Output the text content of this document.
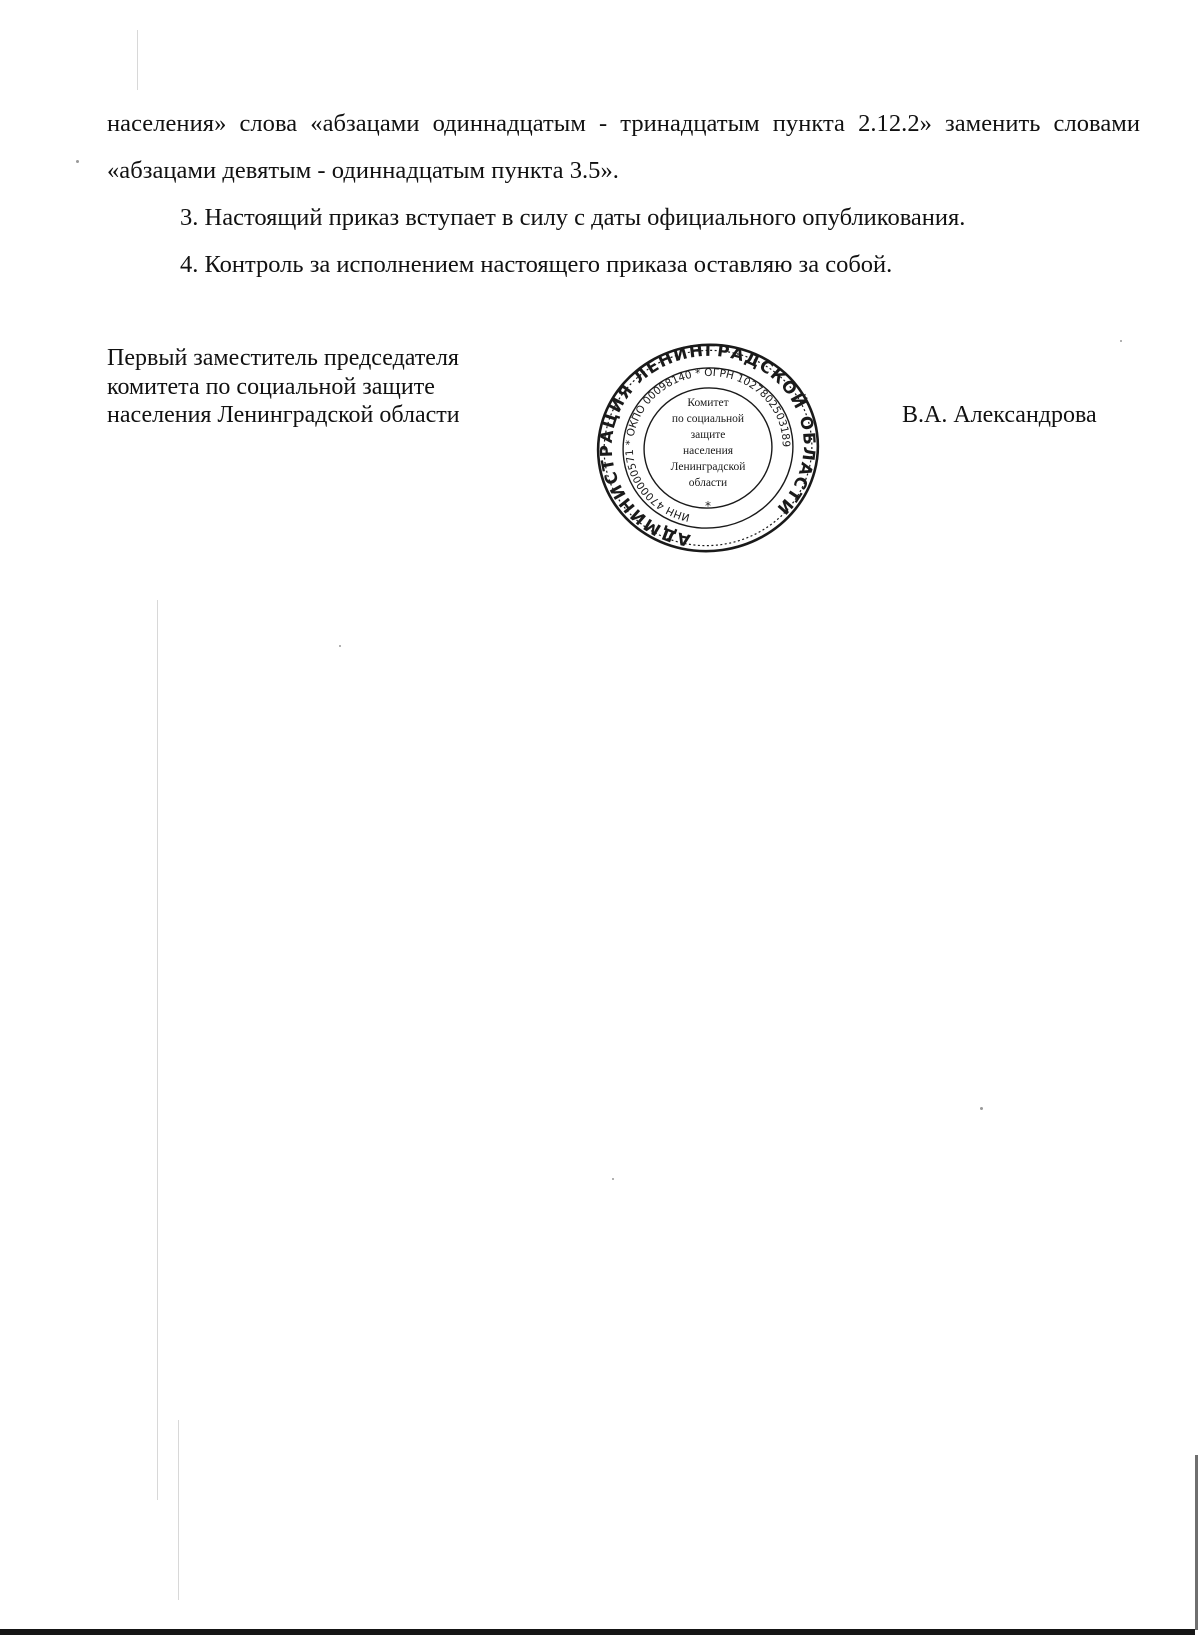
населения» слова «абзацами одиннадцатым - тринадцатым пункта 2.12.2» заменить словами «абзацами девятым - одиннадцатым пункта 3.5».
3. Настоящий приказ вступает в силу с даты официального опубликования.
4. Контроль за исполнением настоящего приказа оставляю за собой.
Первый заместитель председателя
комитета по социальной защите
населения Ленинградской области
АДМИНИСТРАЦИЯ ЛЕНИНГРАДСКОЙ ОБЛАСТИ
ИНН 4700000571 * ОКПО 00098140 * ОГРН 1027802503189
Комитет
по социальной
защите
населения
Ленинградской
области
*
В.А. Александрова
